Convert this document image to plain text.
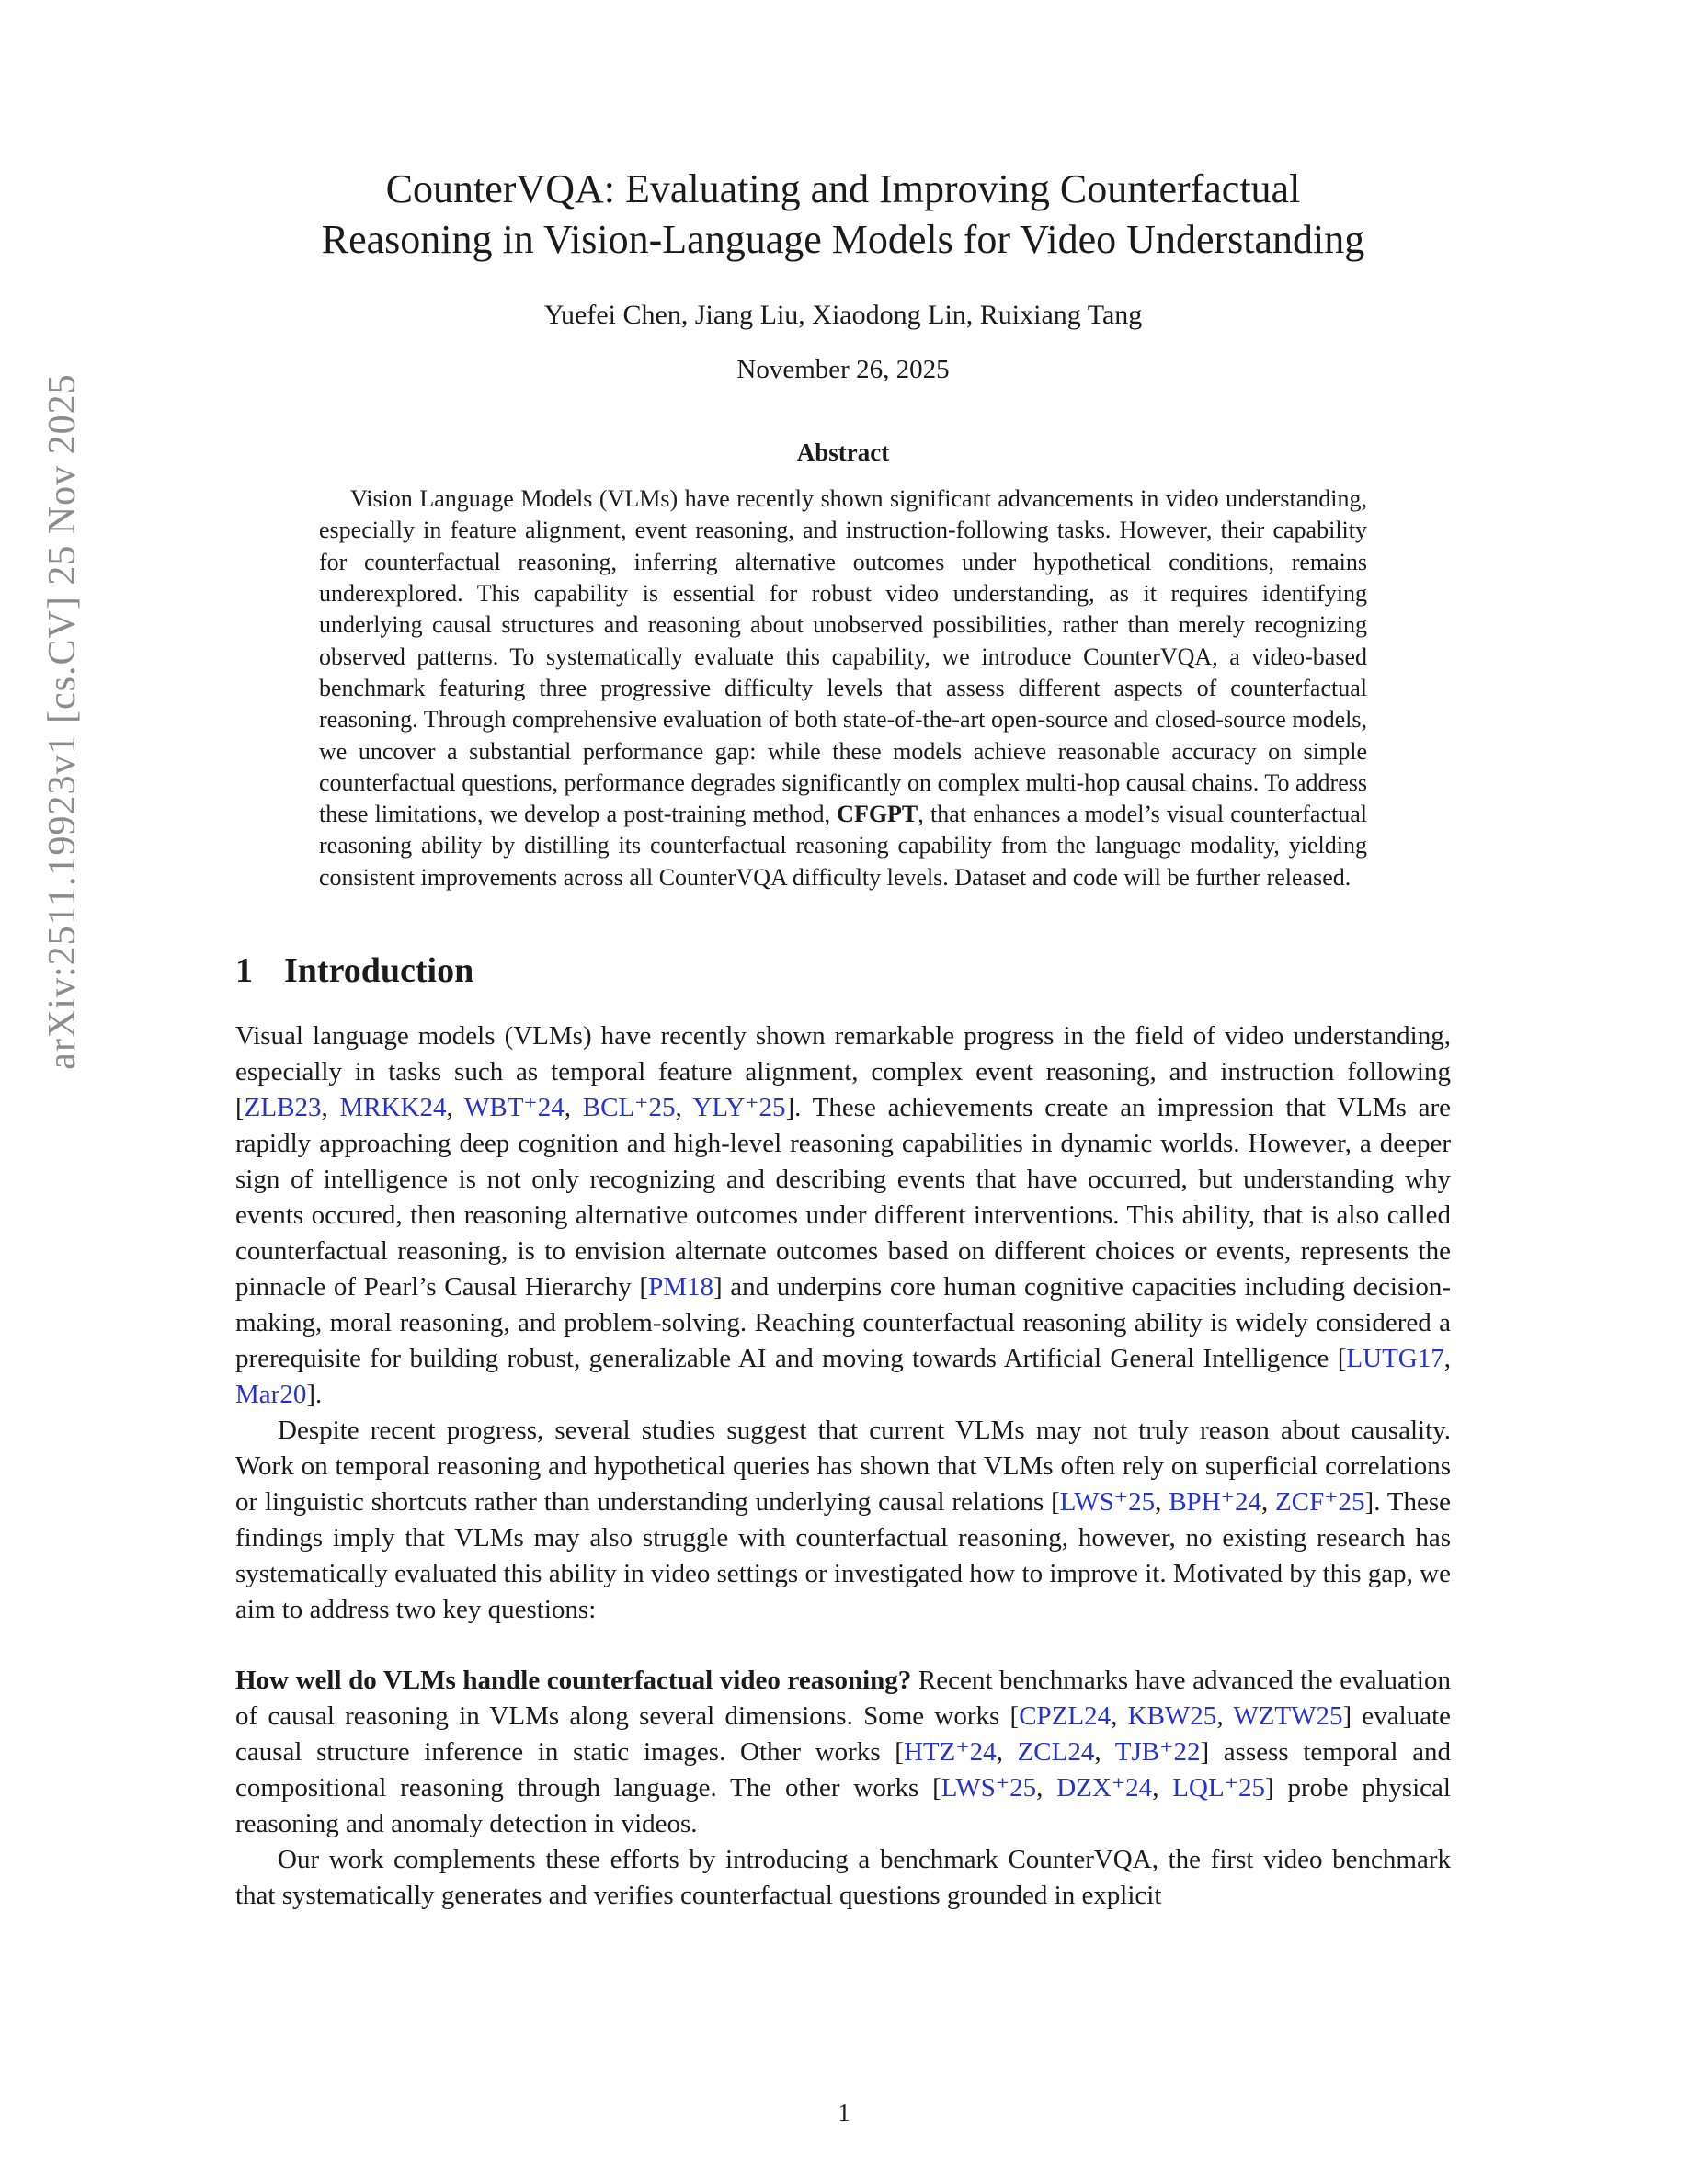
arXiv:2511.19923v1 [cs.CV] 25 Nov 2025
CounterVQA: Evaluating and Improving Counterfactual
Reasoning in Vision-Language Models for Video Understanding
Yuefei Chen, Jiang Liu, Xiaodong Lin, Ruixiang Tang
November 26, 2025
Abstract

Vision Language Models (VLMs) have recently shown significant advancements in video understanding, especially in feature alignment, event reasoning, and instruction-following tasks. However, their capability for counterfactual reasoning, inferring alternative outcomes under hypothetical conditions, remains underexplored. This capability is essential for robust video understanding, as it requires identifying underlying causal structures and reasoning about unobserved possibilities, rather than merely recognizing observed patterns. To systematically evaluate this capability, we introduce CounterVQA, a video-based benchmark featuring three progressive difficulty levels that assess different aspects of counterfactual reasoning. Through comprehensive evaluation of both state-of-the-art open-source and closed-source models, we uncover a substantial performance gap: while these models achieve reasonable accuracy on simple counterfactual questions, performance degrades significantly on complex multi-hop causal chains. To address these limitations, we develop a post-training method, CFGPT, that enhances a model’s visual counterfactual reasoning ability by distilling its counterfactual reasoning capability from the language modality, yielding consistent improvements across all CounterVQA difficulty levels. Dataset and code will be further released.

1 Introduction

Visual language models (VLMs) have recently shown remarkable progress in the field of video understanding, especially in tasks such as temporal feature alignment, complex event reasoning, and instruction following [ZLB23, MRKK24, WBT⁺24, BCL⁺25, YLY⁺25]. These achievements create an impression that VLMs are rapidly approaching deep cognition and high-level reasoning capabilities in dynamic worlds. However, a deeper sign of intelligence is not only recognizing and describing events that have occurred, but understanding why events occured, then reasoning alternative outcomes under different interventions. This ability, that is also called counterfactual reasoning, is to envision alternate outcomes based on different choices or events, represents the pinnacle of Pearl’s Causal Hierarchy [PM18] and underpins core human cognitive capacities including decision-making, moral reasoning, and problem-solving. Reaching counterfactual reasoning ability is widely considered a prerequisite for building robust, generalizable AI and moving towards Artificial General Intelligence [LUTG17, Mar20].

Despite recent progress, several studies suggest that current VLMs may not truly reason about causality. Work on temporal reasoning and hypothetical queries has shown that VLMs often rely on superficial correlations or linguistic shortcuts rather than understanding underlying causal relations [LWS⁺25, BPH⁺24, ZCF⁺25]. These findings imply that VLMs may also struggle with counterfactual reasoning, however, no existing research has systematically evaluated this ability in video settings or investigated how to improve it. Motivated by this gap, we aim to address two key questions:

How well do VLMs handle counterfactual video reasoning? Recent benchmarks have advanced the evaluation of causal reasoning in VLMs along several dimensions. Some works [CPZL24, KBW25, WZTW25] evaluate causal structure inference in static images. Other works [HTZ⁺24, ZCL24, TJB⁺22] assess temporal and compositional reasoning through language. The other works [LWS⁺25, DZX⁺24, LQL⁺25] probe physical reasoning and anomaly detection in videos.

Our work complements these efforts by introducing a benchmark CounterVQA, the first video benchmark that systematically generates and verifies counterfactual questions grounded in explicit

1
